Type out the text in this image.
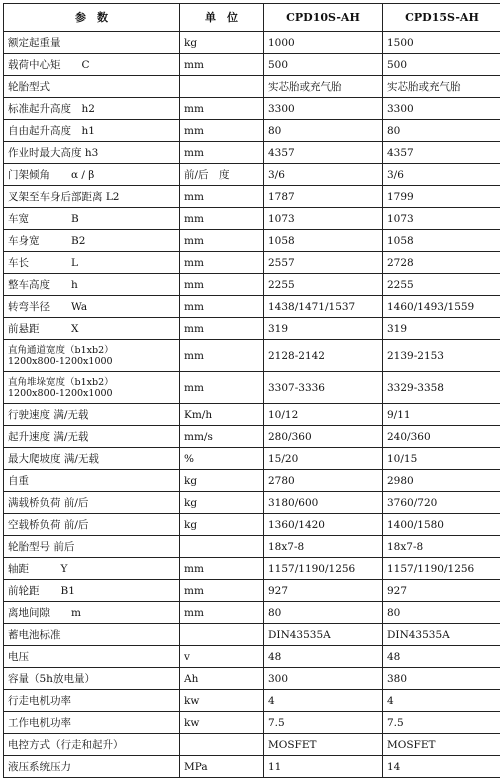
参　数	单　位	CPD10S-AH	CPD15S-AH
额定起重量	kg	1000	1500
载荷中心矩　　C	mm	500	500
轮胎型式		实芯胎或充气胎	实芯胎或充气胎
标准起升高度　h2	mm	3300	3300
自由起升高度　h1	mm	80	80
作业时最大高度 h3	mm	4357	4357
门架倾角　　α / β	前/后　度	3/6	3/6
叉架至车身后部距离 L2	mm	1787	1799
车宽　　　　B	mm	1073	1073
车身宽　　　B2	mm	1058	1058
车长　　　　L	mm	2557	2728
整车高度　　h	mm	2255	2255
转弯半径　　Wa	mm	1438/1471/1537	1460/1493/1559
前悬距　　　X	mm	319	319
直角通道宽度（b1xb2）
1200x800-1200x1000	mm	2128-2142	2139-2153
直角堆垛宽度（b1xb2）
1200x800-1200x1000	mm	3307-3336	3329-3358
行驶速度 满/无载	Km/h	10/12	9/11
起升速度 满/无载	mm/s	280/360	240/360
最大爬坡度 满/无载	%	15/20	10/15
自重	kg	2780	2980
满载桥负荷 前/后	kg	3180/600	3760/720
空载桥负荷 前/后	kg	1360/1420	1400/1580
轮胎型号 前后		18x7-8	18x7-8
轴距　　　Y	mm	1157/1190/1256	1157/1190/1256
前轮距　　B1	mm	927	927
离地间隙　　m	mm	80	80
蓄电池标准		DIN43535A	DIN43535A
电压	v	48	48
容量（5h放电量）	Ah	300	380
行走电机功率	kw	4	4
工作电机功率	kw	7.5	7.5
电控方式（行走和起升）		MOSFET	MOSFET
液压系统压力	MPa	11	14
